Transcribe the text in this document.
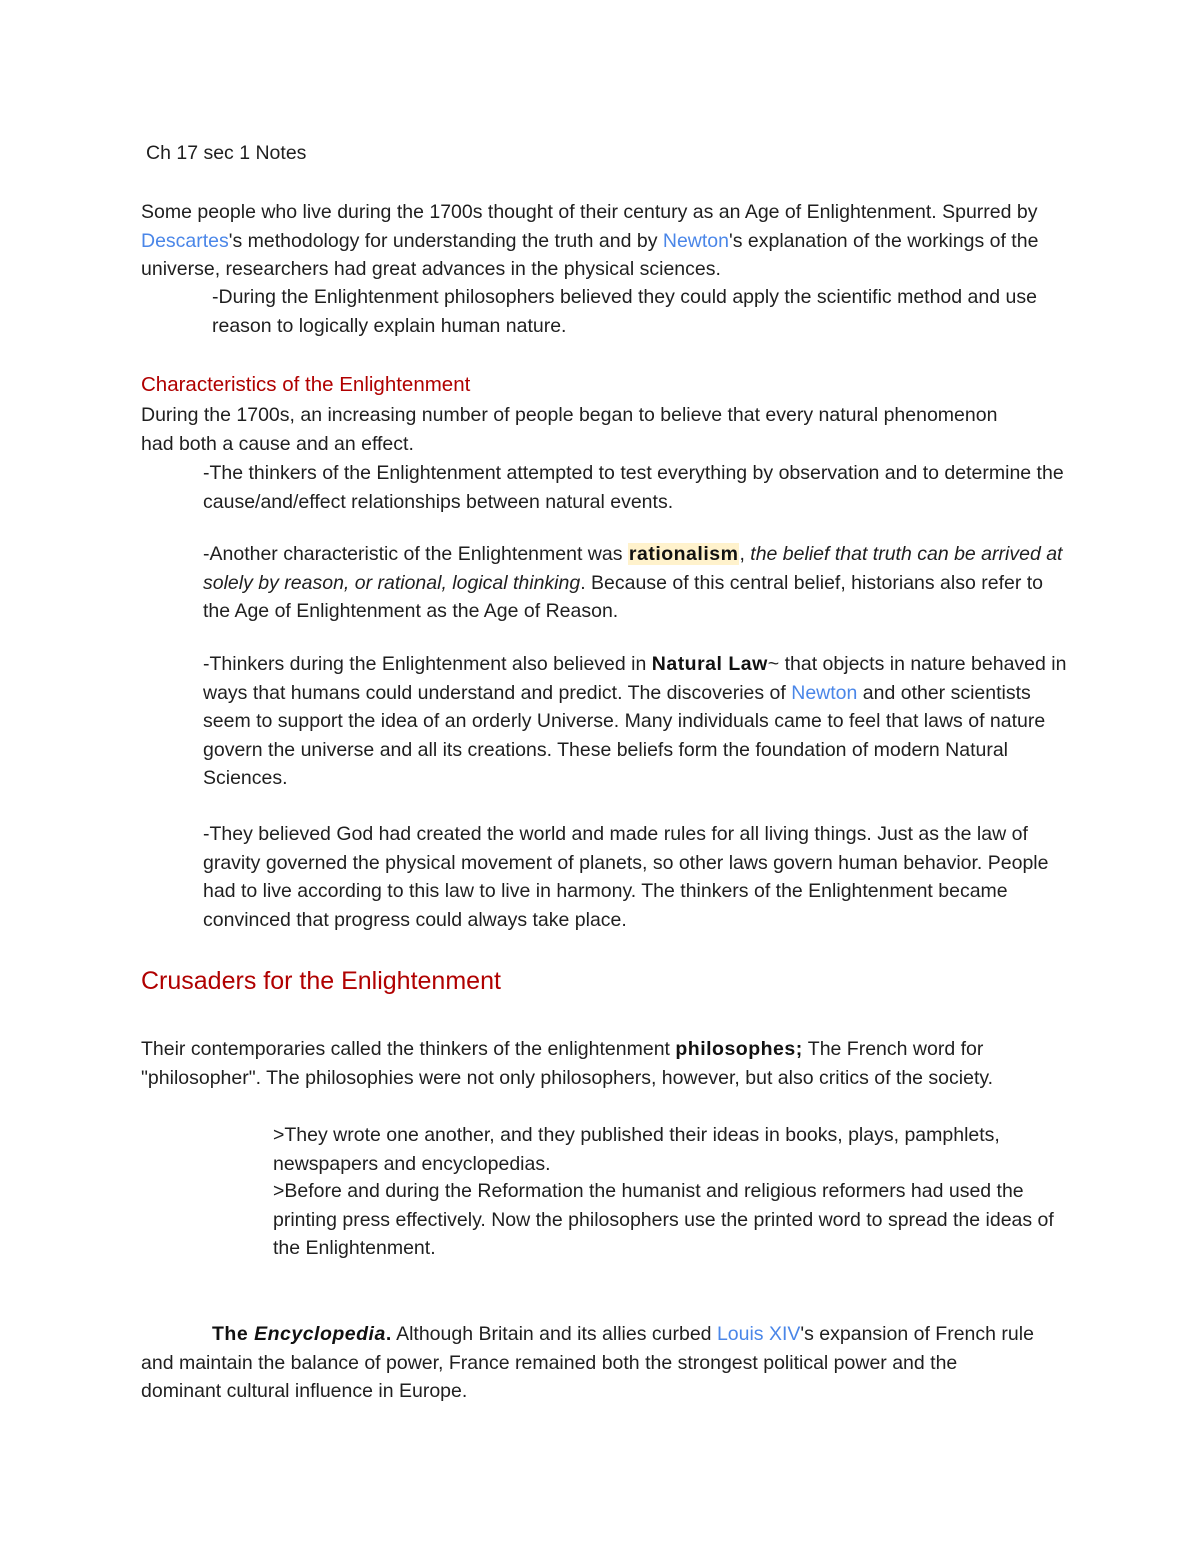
Ch 17 sec 1 Notes

Some people who live during the 1700s thought of their century as an Age of Enlightenment. Spurred by Descartes's methodology for understanding the truth and by Newton's explanation of the workings of the universe, researchers had great advances in the physical sciences.

-During the Enlightenment philosophers believed they could apply the scientific method and use reason to logically explain human nature.

Characteristics of the Enlightenment

During the 1700s, an increasing number of people began to believe that every natural phenomenon had both a cause and an effect.

-The thinkers of the Enlightenment attempted to test everything by observation and to determine the cause/and/effect relationships between natural events.

-Another characteristic of the Enlightenment was rationalism, the belief that truth can be arrived at solely by reason, or rational, logical thinking. Because of this central belief, historians also refer to the Age of Enlightenment as the Age of Reason.

-Thinkers during the Enlightenment also believed in Natural Law~ that objects in nature behaved in ways that humans could understand and predict. The discoveries of Newton and other scientists seem to support the idea of an orderly Universe. Many individuals came to feel that laws of nature govern the universe and all its creations. These beliefs form the foundation of modern Natural Sciences.

-They believed God had created the world and made rules for all living things. Just as the law of gravity governed the physical movement of planets, so other laws govern human behavior. People had to live according to this law to live in harmony. The thinkers of the Enlightenment became convinced that progress could always take place.

Crusaders for the Enlightenment

Their contemporaries called the thinkers of the enlightenment philosophes; The French word for "philosopher". The philosophies were not only philosophers, however, but also critics of the society.

>They wrote one another, and they published their ideas in books, plays, pamphlets, newspapers and encyclopedias.

>Before and during the Reformation the humanist and religious reformers had used the printing press effectively. Now the philosophers use the printed word to spread the ideas of the Enlightenment.

The Encyclopedia. Although Britain and its allies curbed Louis XIV's expansion of French rule and maintain the balance of power, France remained both the strongest political power and the dominant cultural influence in Europe.
